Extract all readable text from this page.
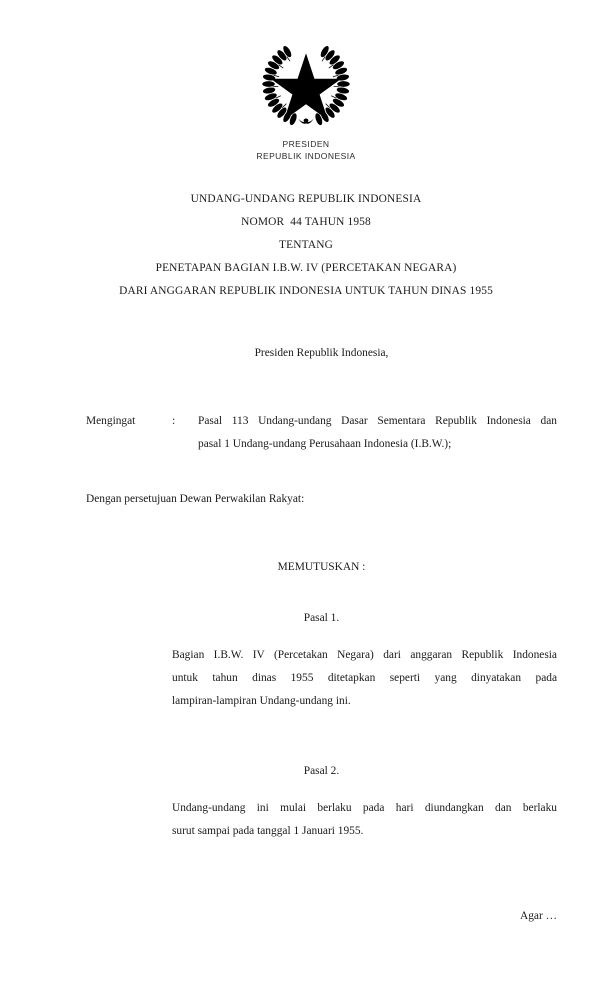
PRESIDEN
REPUBLIK INDONESIA
UNDANG-UNDANG REPUBLIK INDONESIA
NOMOR  44 TAHUN 1958
TENTANG
PENETAPAN BAGIAN I.B.W. IV (PERCETAKAN NEGARA)
DARI ANGGARAN REPUBLIK INDONESIA UNTUK TAHUN DINAS 1955
Presiden Republik Indonesia,
Mengingat	:	Pasal 113 Undang-undang Dasar Sementara Republik Indonesia dan
pasal 1 Undang-undang Perusahaan Indonesia (I.B.W.);
Dengan persetujuan Dewan Perwakilan Rakyat:
MEMUTUSKAN :
Pasal 1.
Bagian I.B.W. IV (Percetakan Negara) dari anggaran Republik Indonesia
untuk tahun dinas 1955 ditetapkan seperti yang dinyatakan pada
lampiran-lampiran Undang-undang ini.
Pasal 2.
Undang-undang ini mulai berlaku pada hari diundangkan dan berlaku
surut sampai pada tanggal 1 Januari 1955.
Agar …
